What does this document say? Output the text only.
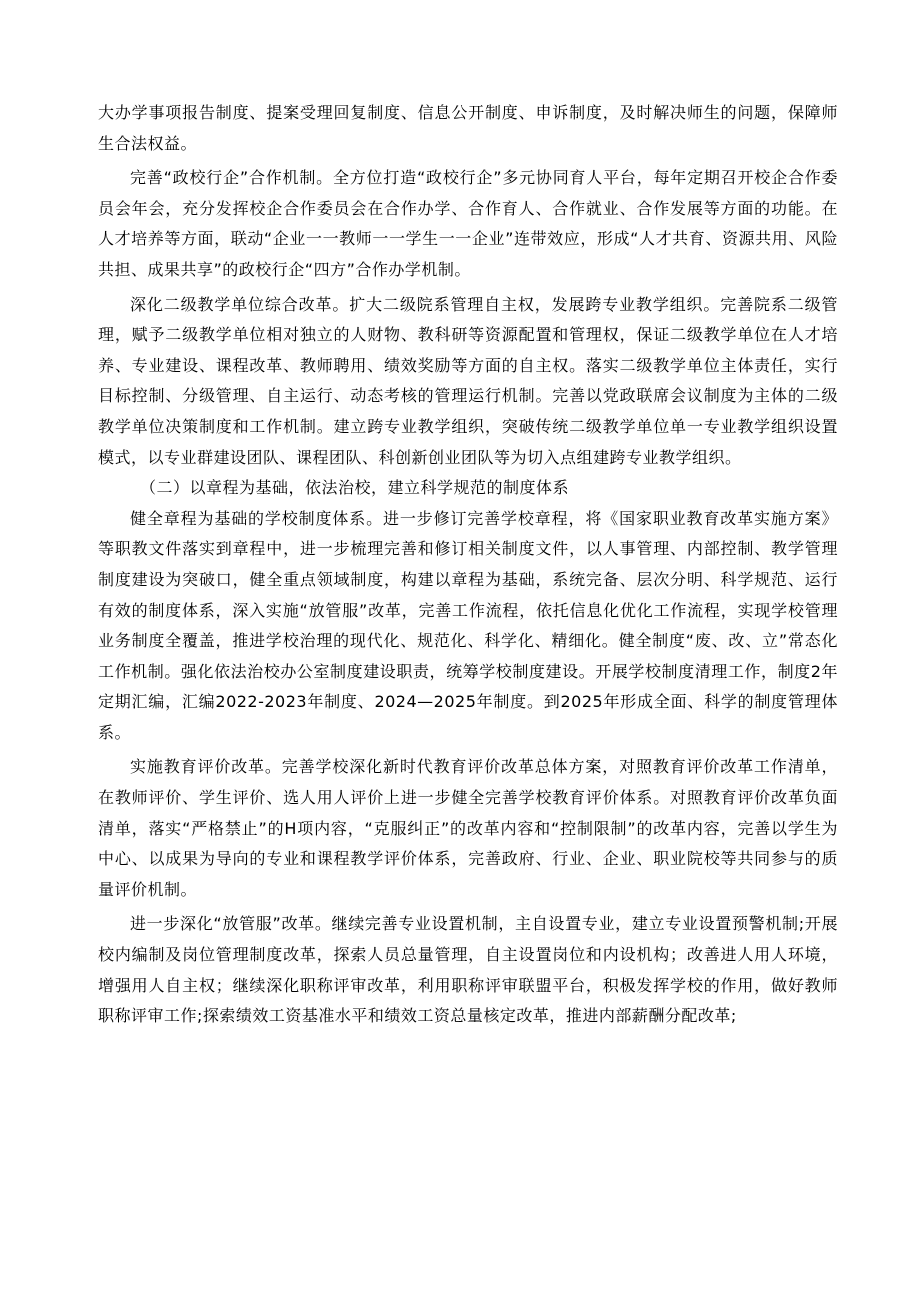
大办学事项报告制度、提案受理回复制度、信息公开制度、申诉制度，及时解决师生的问题，保障师生合法权益。

完善“政校行企”合作机制。全方位打造“政校行企”多元协同育人平台，每年定期召开校企合作委员会年会，充分发挥校企合作委员会在合作办学、合作育人、合作就业、合作发展等方面的功能。在人才培养等方面，联动“企业一一教师一一学生一一企业”连带效应，形成“人才共育、资源共用、风险共担、成果共享”的政校行企“四方”合作办学机制。

深化二级教学单位综合改革。扩大二级院系管理自主权，发展跨专业教学组织。完善院系二级管理，赋予二级教学单位相对独立的人财物、教科研等资源配置和管理权，保证二级教学单位在人才培养、专业建设、课程改革、教师聘用、绩效奖励等方面的自主权。落实二级教学单位主体责任，实行目标控制、分级管理、自主运行、动态考核的管理运行机制。完善以党政联席会议制度为主体的二级教学单位决策制度和工作机制。建立跨专业教学组织，突破传统二级教学单位单一专业教学组织设置模式，以专业群建设团队、课程团队、科创新创业团队等为切入点组建跨专业教学组织。

（二）以章程为基础，依法治校，建立科学规范的制度体系

健全章程为基础的学校制度体系。进一步修订完善学校章程，将《国家职业教育改革实施方案》等职教文件落实到章程中，进一步梳理完善和修订相关制度文件，以人事管理、内部控制、教学管理制度建设为突破口，健全重点领域制度，构建以章程为基础，系统完备、层次分明、科学规范、运行有效的制度体系，深入实施“放管服”改革，完善工作流程，依托信息化优化工作流程，实现学校管理业务制度全覆盖，推进学校治理的现代化、规范化、科学化、精细化。健全制度“废、改、立”常态化工作机制。强化依法治校办公室制度建设职责，统筹学校制度建设。开展学校制度清理工作，制度2年定期汇编，汇编2022-2023年制度、2024—2025年制度。到2025年形成全面、科学的制度管理体系。

实施教育评价改革。完善学校深化新时代教育评价改革总体方案，对照教育评价改革工作清单，在教师评价、学生评价、选人用人评价上进一步健全完善学校教育评价体系。对照教育评价改革负面清单，落实“严格禁止”的H项内容，“克服纠正”的改革内容和“控制限制”的改革内容，完善以学生为中心、以成果为导向的专业和课程教学评价体系，完善政府、行业、企业、职业院校等共同参与的质量评价机制。

进一步深化“放管服”改革。继续完善专业设置机制，主自设置专业，建立专业设置预警机制;开展校内编制及岗位管理制度改革，探索人员总量管理，自主设置岗位和内设机构；改善进人用人环境，增强用人自主权；继续深化职称评审改革，利用职称评审联盟平台，积极发挥学校的作用，做好教师职称评审工作;探索绩效工资基准水平和绩效工资总量核定改革，推进内部薪酬分配改革;
